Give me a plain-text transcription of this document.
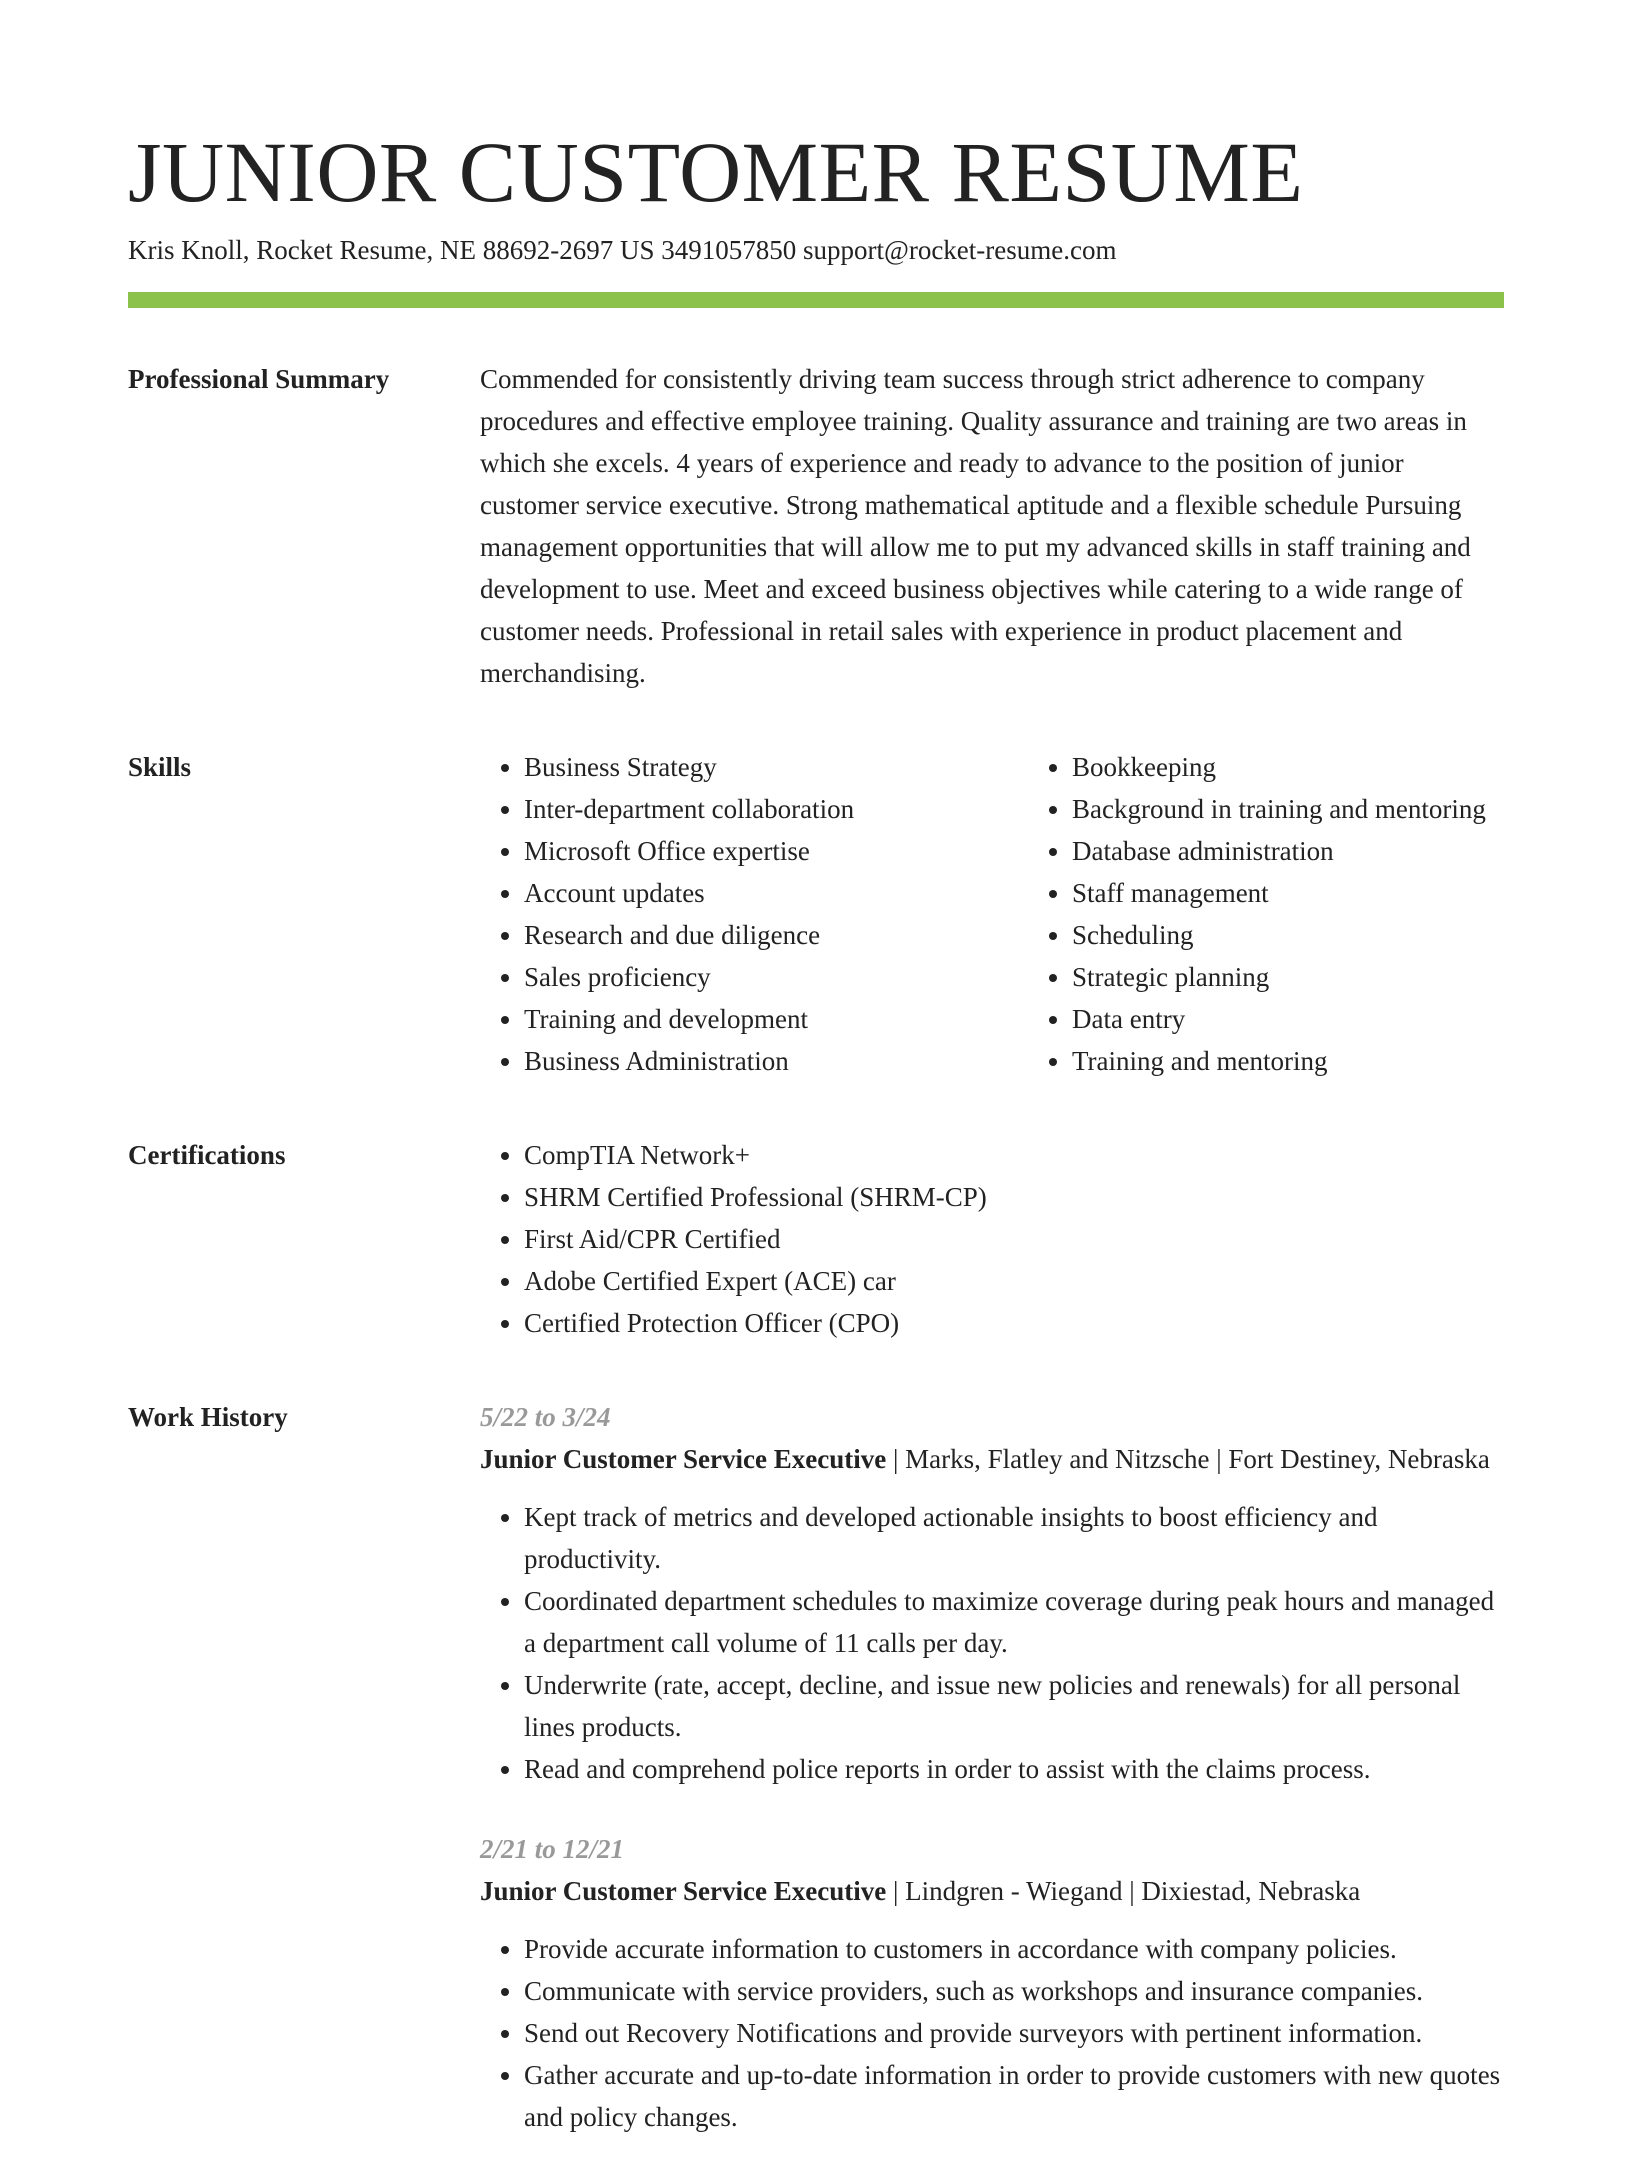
JUNIOR CUSTOMER RESUME
Kris Knoll, Rocket Resume, NE 88692-2697 US 3491057850 support@rocket-resume.com
Professional Summary	Commended for consistently driving team success through strict adherence to company procedures and effective employee training. Quality assurance and training are two areas in which she excels. 4 years of experience and ready to advance to the position of junior customer service executive. Strong mathematical aptitude and a flexible schedule Pursuing management opportunities that will allow me to put my advanced skills in staff training and development to use. Meet and exceed business objectives while catering to a wide range of customer needs. Professional in retail sales with experience in product placement and merchandising.

Skills	• Business Strategy
• Inter-department collaboration
• Microsoft Office expertise
• Account updates
• Research and due diligence
• Sales proficiency
• Training and development
• Business Administration
• Bookkeeping
• Background in training and mentoring
• Database administration
• Staff management
• Scheduling
• Strategic planning
• Data entry
• Training and mentoring
Certifications	• CompTIA Network+
• SHRM Certified Professional (SHRM-CP)
• First Aid/CPR Certified
• Adobe Certified Expert (ACE) car
• Certified Protection Officer (CPO)
Work History	5/22 to 3/24
Junior Customer Service Executive | Marks, Flatley and Nitzsche | Fort Destiney, Nebraska
• Kept track of metrics and developed actionable insights to boost efficiency and productivity.
• Coordinated department schedules to maximize coverage during peak hours and managed a department call volume of 11 calls per day.
• Underwrite (rate, accept, decline, and issue new policies and renewals) for all personal lines products.
• Read and comprehend police reports in order to assist with the claims process.
2/21 to 12/21
Junior Customer Service Executive | Lindgren - Wiegand | Dixiestad, Nebraska
• Provide accurate information to customers in accordance with company policies.
• Communicate with service providers, such as workshops and insurance companies.
• Send out Recovery Notifications and provide surveyors with pertinent information.
• Gather accurate and up-to-date information in order to provide customers with new quotes and policy changes.
